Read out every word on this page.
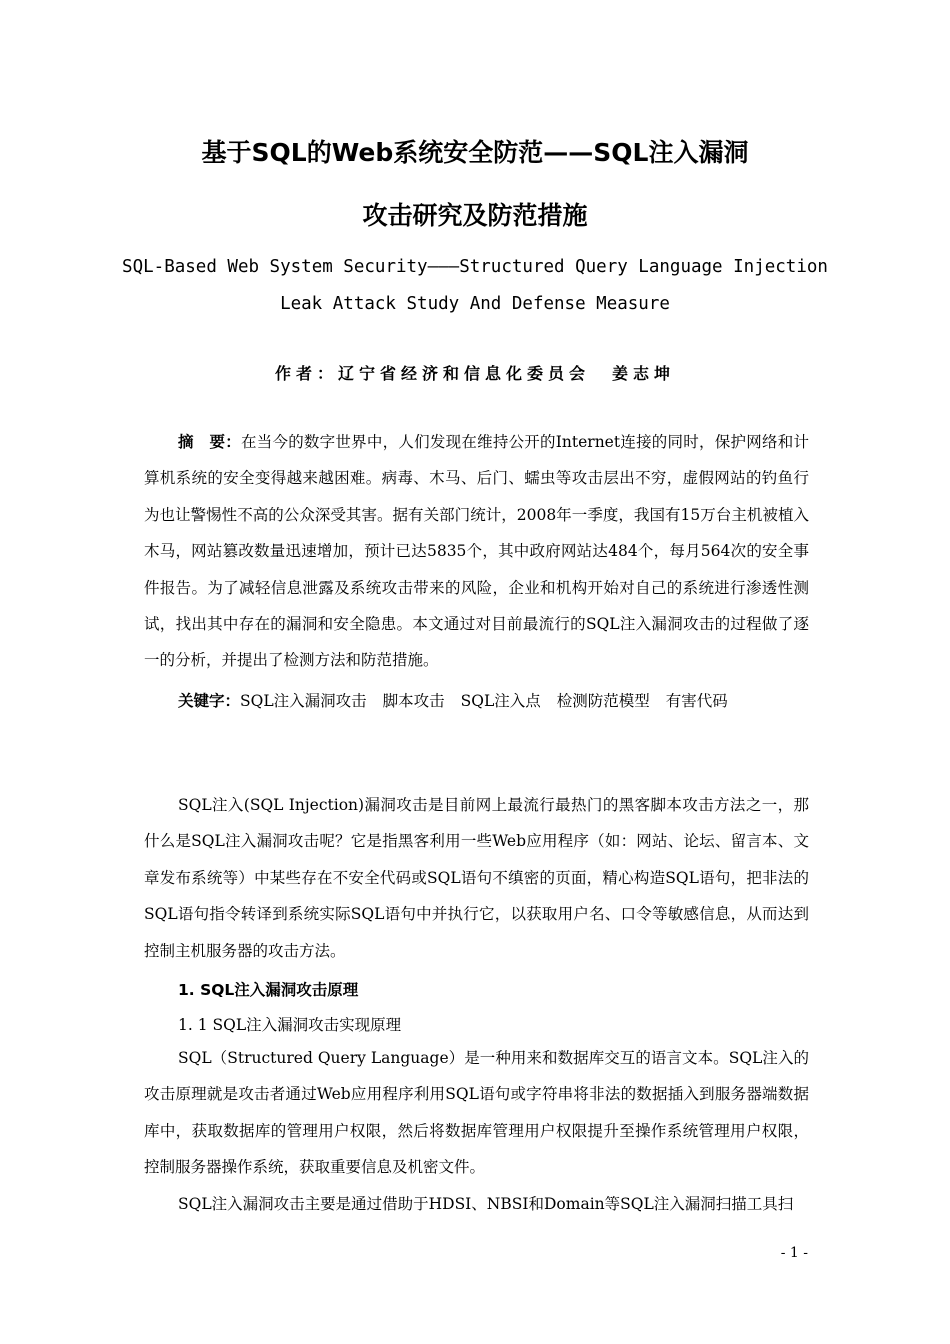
基于SQL的Web系统安全防范——SQL注入漏洞
攻击研究及防范措施
SQL-Based Web System Security———Structured Query Language Injection
Leak Attack Study And Defense Measure
作者：辽宁省经济和信息化委员会 姜志坤

摘　要：在当今的数字世界中，人们发现在维持公开的Internet连接的同时，保护网络和计算机系统的安全变得越来越困难。病毒、木马、后门、蠕虫等攻击层出不穷，虚假网站的钓鱼行为也让警惕性不高的公众深受其害。据有关部门统计，2008年一季度，我国有15万台主机被植入木马，网站篡改数量迅速增加，预计已达5835个，其中政府网站达484个，每月564次的安全事件报告。为了减轻信息泄露及系统攻击带来的风险，企业和机构开始对自己的系统进行渗透性测试，找出其中存在的漏洞和安全隐患。本文通过对目前最流行的SQL注入漏洞攻击的过程做了逐一的分析，并提出了检测方法和防范措施。

关键字：SQL注入漏洞攻击 脚本攻击 SQL注入点 检测防范模型 有害代码

SQL注入(SQL Injection)漏洞攻击是目前网上最流行最热门的黑客脚本攻击方法之一，那什么是SQL注入漏洞攻击呢？它是指黑客利用一些Web应用程序（如：网站、论坛、留言本、文章发布系统等）中某些存在不安全代码或SQL语句不缜密的页面，精心构造SQL语句，把非法的SQL语句指令转译到系统实际SQL语句中并执行它，以获取用户名、口令等敏感信息，从而达到控制主机服务器的攻击方法。

1. SQL注入漏洞攻击原理
1. 1 SQL注入漏洞攻击实现原理

SQL（Structured Query Language）是一种用来和数据库交互的语言文本。SQL注入的攻击原理就是攻击者通过Web应用程序利用SQL语句或字符串将非法的数据插入到服务器端数据库中，获取数据库的管理用户权限，然后将数据库管理用户权限提升至操作系统管理用户权限，控制服务器操作系统，获取重要信息及机密文件。

SQL注入漏洞攻击主要是通过借助于HDSI、NBSI和Domain等SQL注入漏洞扫描工具扫

- 1 -
